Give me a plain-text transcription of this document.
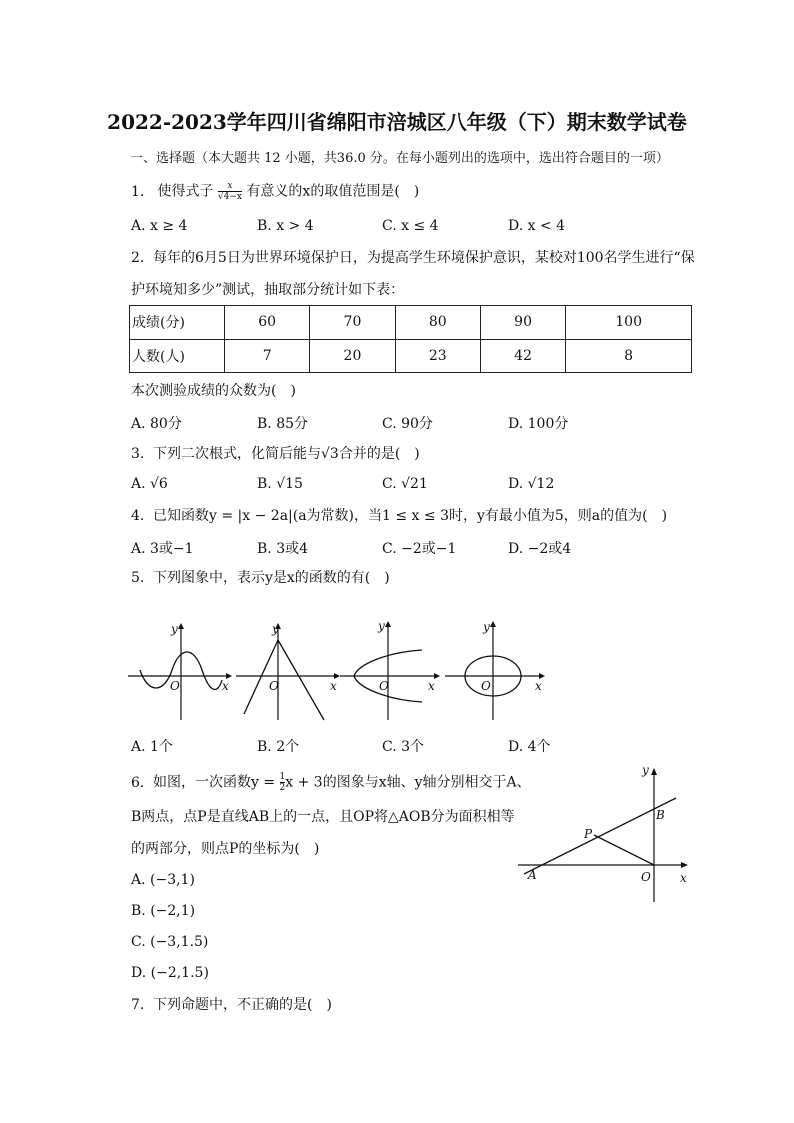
2022-2023学年四川省绵阳市涪城区八年级（下）期末数学试卷
一、选择题（本大题共 12 小题，共36.0 分。在每小题列出的选项中，选出符合题目的一项）
1. 使得式子 $\frac{x}{√4-x}$ 有意义的x的取值范围是(　)
A. x ≥ 4	B. x > 4	C. x ≤ 4	D. x < 4
2. 每年的6月5日为世界环境保护日，为提高学生环境保护意识，某校对100名学生进行“保
护环境知多少”测试，抽取部分统计如下表：
成绩(分)	60	70	80	90	100
人数(人)	7	20	23	42	8
本次测验成绩的众数为(　)
A. 80分	B. 85分	C. 90分	D. 100分
3. 下列二次根式，化简后能与√3合并的是(　)
A. √6	B. √15	C. √21	D. √12
4. 已知函数y = |x − 2a|(a为常数)，当1 ≤ x ≤ 3时，y有最小值为5，则a的值为(　)
A. 3或−1	B. 3或4	C. −2或−1	D. −2或4
5. 下列图象中，表示y是x的函数的有(　)
y
O	x
y
O	x
y
O	x
y
O	x
A. 1个	B. 2个	C. 3个	D. 4个
6. 如图，一次函数$y = \frac{1}{2}$ x + 3的图象与x轴、y轴分别相交于A、
B两点，点P是直线AB上的一点，且OP将△AOB分为面积相等
的两部分，则点P的坐标为(　)
A. (−3,1)
B. (−2,1)
C. (−3,1.5)
D. (−2,1.5)
y
x
A
B
O
P
7. 下列命题中，不正确的是(　)
